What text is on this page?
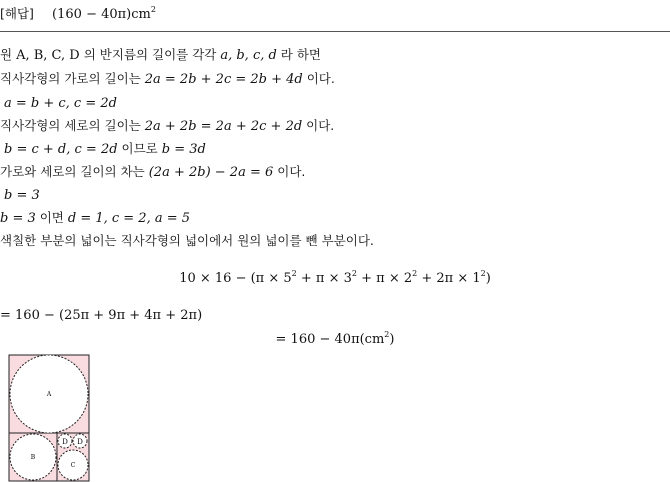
[해답] $(160 - 40\pi)cm^2$
원 A, B, C, D 의 반지름의 길이를 각각 a, b, c, d 라 하면
직사각형의 가로의 길이는 2a = 2b + 2c = 2b + 4d 이다.
a = b + c, c = 2d
직사각형의 세로의 길이는 2a + 2b = 2a + 2c + 2d 이다.
b = c + d, c = 2d 이므로 b = 3d
가로와 세로의 길이의 차는 (2a + 2b) − 2a = 6 이다.
b = 3
b = 3 이면 d = 1, c = 2, a = 5
색칠한 부분의 넓이는 직사각형의 넓이에서 원의 넓이를 뺀 부분이다.
$10 \times 16 - (\pi \times 5^2 + \pi \times 3^2 + \pi \times 2^2 + 2\pi \times 1^2)$
= 160 − (25π + 9π + 4π + 2π)
= $160 - 40\pi(cm^2)$
A
B
C
D D
